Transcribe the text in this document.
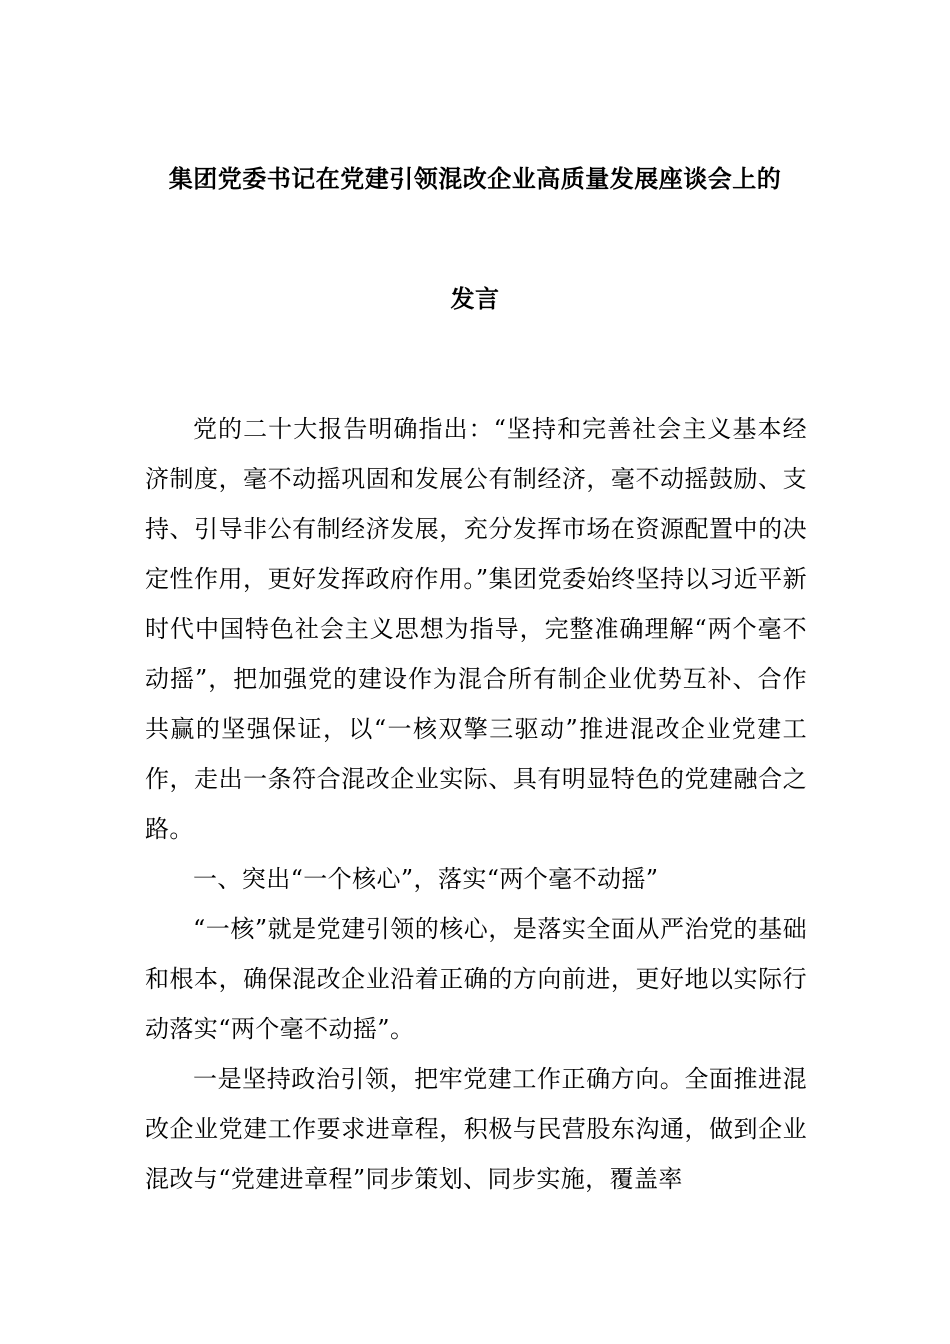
集团党委书记在党建引领混改企业高质量发展座谈会上的
发言

党的二十大报告明确指出：“坚持和完善社会主义基本经济制度，毫不动摇巩固和发展公有制经济，毫不动摇鼓励、支持、引导非公有制经济发展，充分发挥市场在资源配置中的决定性作用，更好发挥政府作用。”集团党委始终坚持以习近平新时代中国特色社会主义思想为指导，完整准确理解“两个毫不动摇”，把加强党的建设作为混合所有制企业优势互补、合作共赢的坚强保证，以“一核双擎三驱动”推进混改企业党建工作，走出一条符合混改企业实际、具有明显特色的党建融合之路。

一、突出“一个核心”，落实“两个毫不动摇”

“一核”就是党建引领的核心，是落实全面从严治党的基础和根本，确保混改企业沿着正确的方向前进，更好地以实际行动落实“两个毫不动摇”。

一是坚持政治引领，把牢党建工作正确方向。全面推进混改企业党建工作要求进章程，积极与民营股东沟通，做到企业混改与“党建进章程”同步策划、同步实施，覆盖率
